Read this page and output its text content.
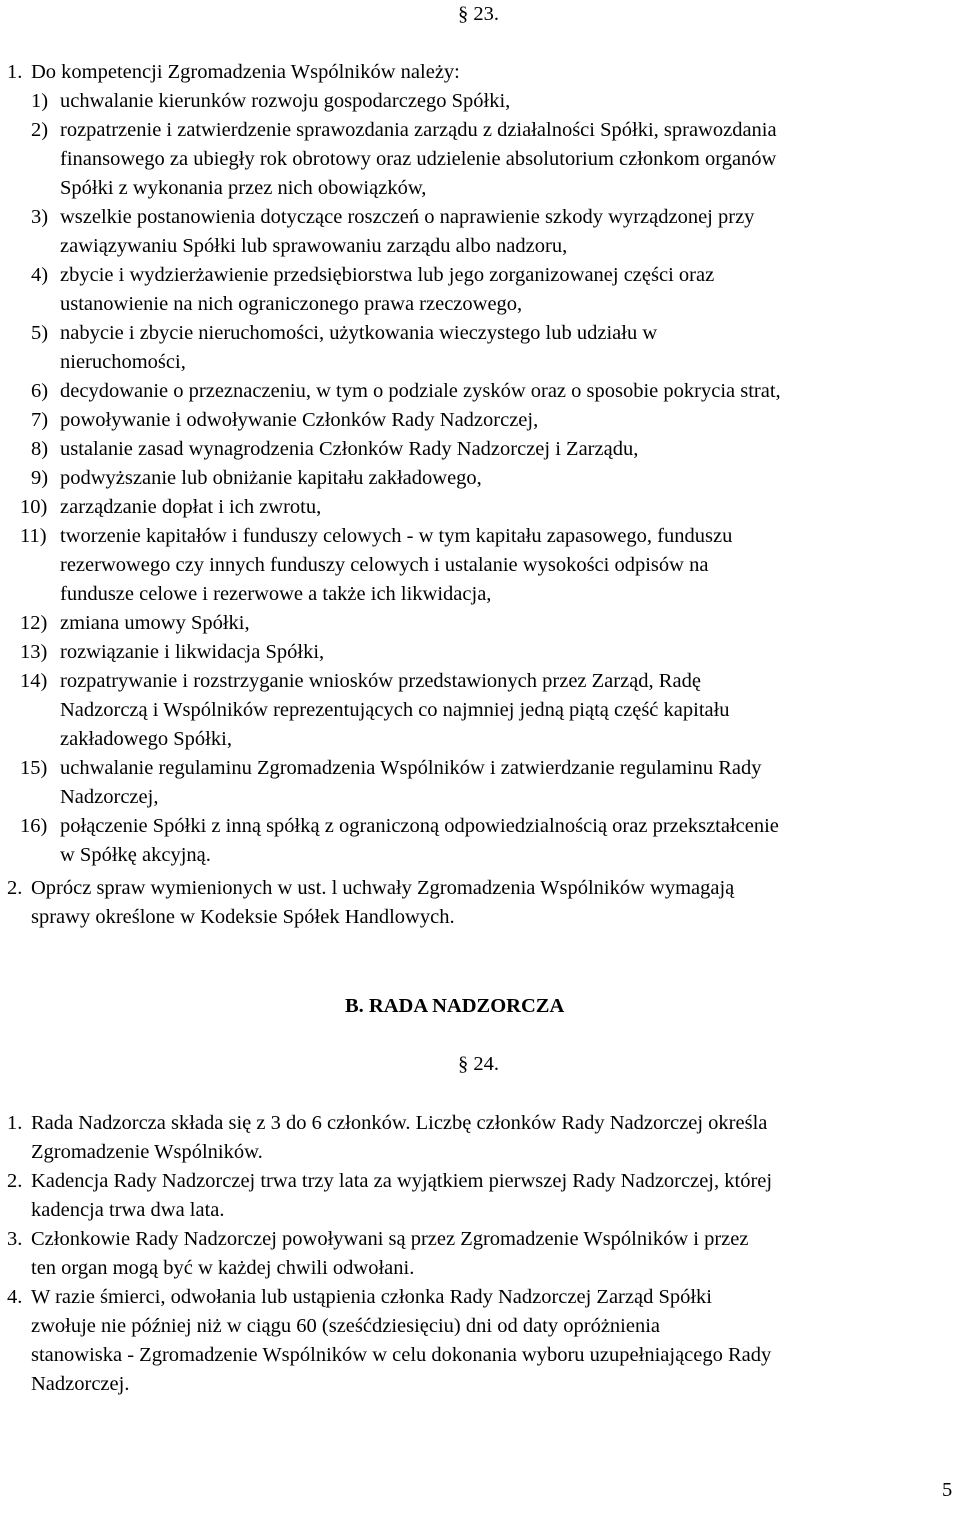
§ 23.
1. Do kompetencji Zgromadzenia Wspólników należy:
1) uchwalanie kierunków rozwoju gospodarczego Spółki,
2) rozpatrzenie i zatwierdzenie sprawozdania zarządu z działalności Spółki, sprawozdania
finansowego za ubiegły rok obrotowy oraz udzielenie absolutorium członkom organów
Spółki z wykonania przez nich obowiązków,
3) wszelkie postanowienia dotyczące roszczeń o naprawienie szkody wyrządzonej przy
zawiązywaniu Spółki lub sprawowaniu zarządu albo nadzoru,
4) zbycie i wydzierżawienie przedsiębiorstwa lub jego zorganizowanej części oraz
ustanowienie na nich ograniczonego prawa rzeczowego,
5) nabycie i zbycie nieruchomości, użytkowania wieczystego lub udziału w
nieruchomości,
6) decydowanie o przeznaczeniu, w tym o podziale zysków oraz o sposobie pokrycia strat,
7) powoływanie i odwoływanie Członków Rady Nadzorczej,
8) ustalanie zasad wynagrodzenia Członków Rady Nadzorczej i Zarządu,
9) podwyższanie lub obniżanie kapitału zakładowego,
10) zarządzanie dopłat i ich zwrotu,
11) tworzenie kapitałów i funduszy celowych - w tym kapitału zapasowego, funduszu
rezerwowego czy innych funduszy celowych i ustalanie wysokości odpisów na
fundusze celowe i rezerwowe a także ich likwidacja,
12) zmiana umowy Spółki,
13) rozwiązanie i likwidacja Spółki,
14) rozpatrywanie i rozstrzyganie wniosków przedstawionych przez Zarząd, Radę
Nadzorczą i Wspólników reprezentujących co najmniej jedną piątą część kapitału
zakładowego Spółki,
15) uchwalanie regulaminu Zgromadzenia Wspólników i zatwierdzanie regulaminu Rady
Nadzorczej,
16) połączenie Spółki z inną spółką z ograniczoną odpowiedzialnością oraz przekształcenie
w Spółkę akcyjną.
2. Oprócz spraw wymienionych w ust. l uchwały Zgromadzenia Wspólników wymagają
sprawy określone w Kodeksie Spółek Handlowych.
B. RADA NADZORCZA
§ 24.
1. Rada Nadzorcza składa się z 3 do 6 członków. Liczbę członków Rady Nadzorczej określa
Zgromadzenie Wspólników.
2. Kadencja Rady Nadzorczej trwa trzy lata za wyjątkiem pierwszej Rady Nadzorczej, której
kadencja trwa dwa lata.
3. Członkowie Rady Nadzorczej powoływani są przez Zgromadzenie Wspólników i przez
ten organ mogą być w każdej chwili odwołani.
4. W razie śmierci, odwołania lub ustąpienia członka Rady Nadzorczej Zarząd Spółki
zwołuje nie później niż w ciągu 60 (sześćdziesięciu) dni od daty opróżnienia
stanowiska - Zgromadzenie Wspólników w celu dokonania wyboru uzupełniającego Rady
Nadzorczej.
5
